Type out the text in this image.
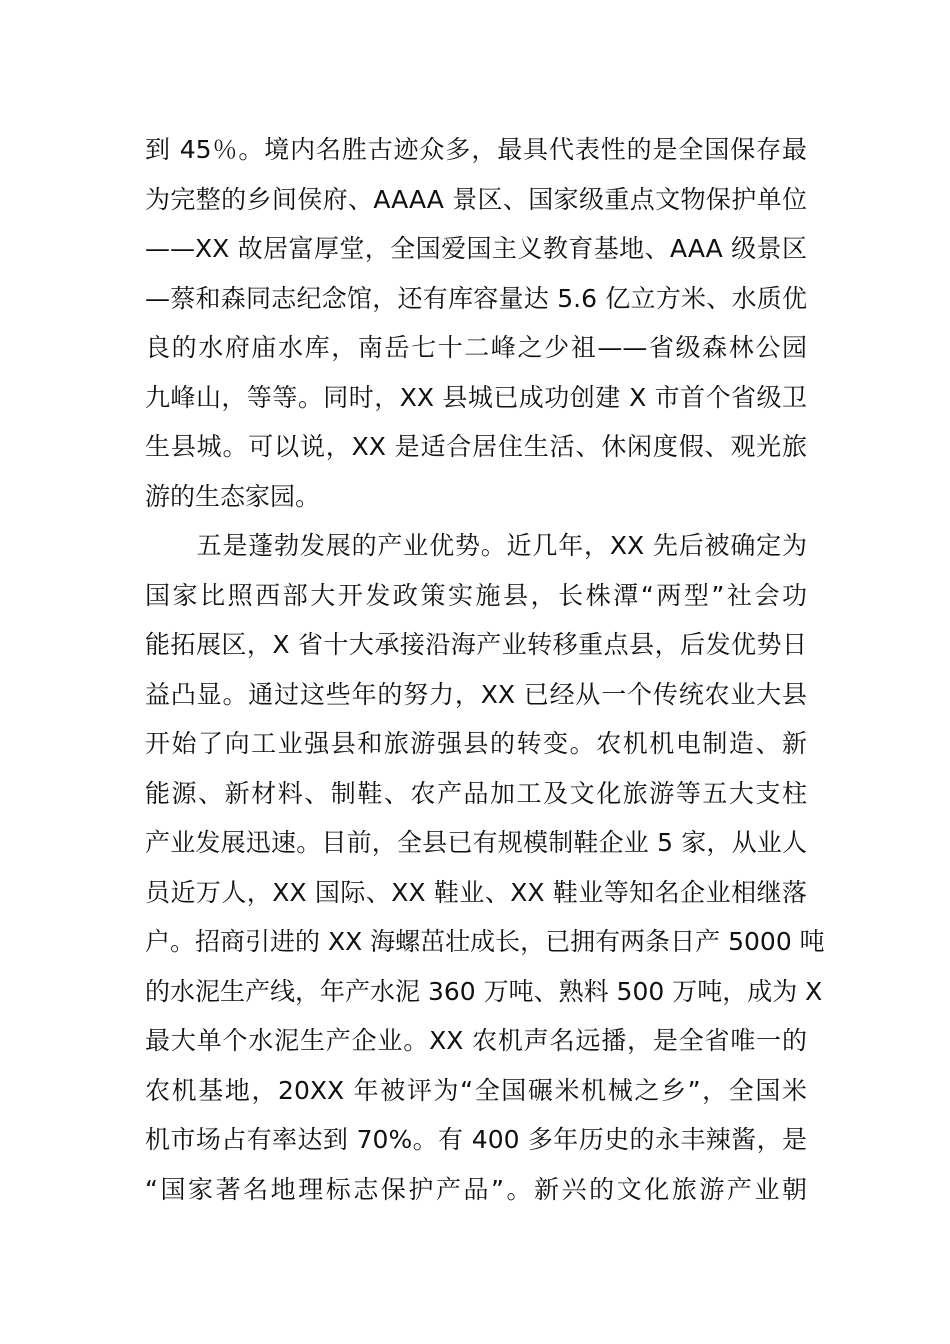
到 45％。境内名胜古迹众多，最具代表性的是全国保存最
为完整的乡间侯府、AAAA 景区、国家级重点文物保护单位
——XX 故居富厚堂，全国爱国主义教育基地、AAA 级景区
—蔡和森同志纪念馆，还有库容量达 5.6 亿立方米、水质优
良的水府庙水库，南岳七十二峰之少祖——省级森林公园
九峰山，等等。同时，XX 县城已成功创建 X 市首个省级卫
生县城。可以说，XX 是适合居住生活、休闲度假、观光旅
游的生态家园。
　　五是蓬勃发展的产业优势。近几年，XX 先后被确定为
国家比照西部大开发政策实施县，长株潭“两型”社会功
能拓展区，X 省十大承接沿海产业转移重点县，后发优势日
益凸显。通过这些年的努力，XX 已经从一个传统农业大县
开始了向工业强县和旅游强县的转变。农机机电制造、新
能源、新材料、制鞋、农产品加工及文化旅游等五大支柱
产业发展迅速。目前，全县已有规模制鞋企业 5 家，从业人
员近万人，XX 国际、XX 鞋业、XX 鞋业等知名企业相继落
户。招商引进的 XX 海螺茁壮成长，已拥有两条日产 5000 吨
的水泥生产线，年产水泥 360 万吨、熟料 500 万吨，成为 X
最大单个水泥生产企业。XX 农机声名远播，是全省唯一的
农机基地，20XX 年被评为“全国碾米机械之乡”，全国米
机市场占有率达到 70%。有 400 多年历史的永丰辣酱，是
“国家著名地理标志保护产品”。新兴的文化旅游产业朝
